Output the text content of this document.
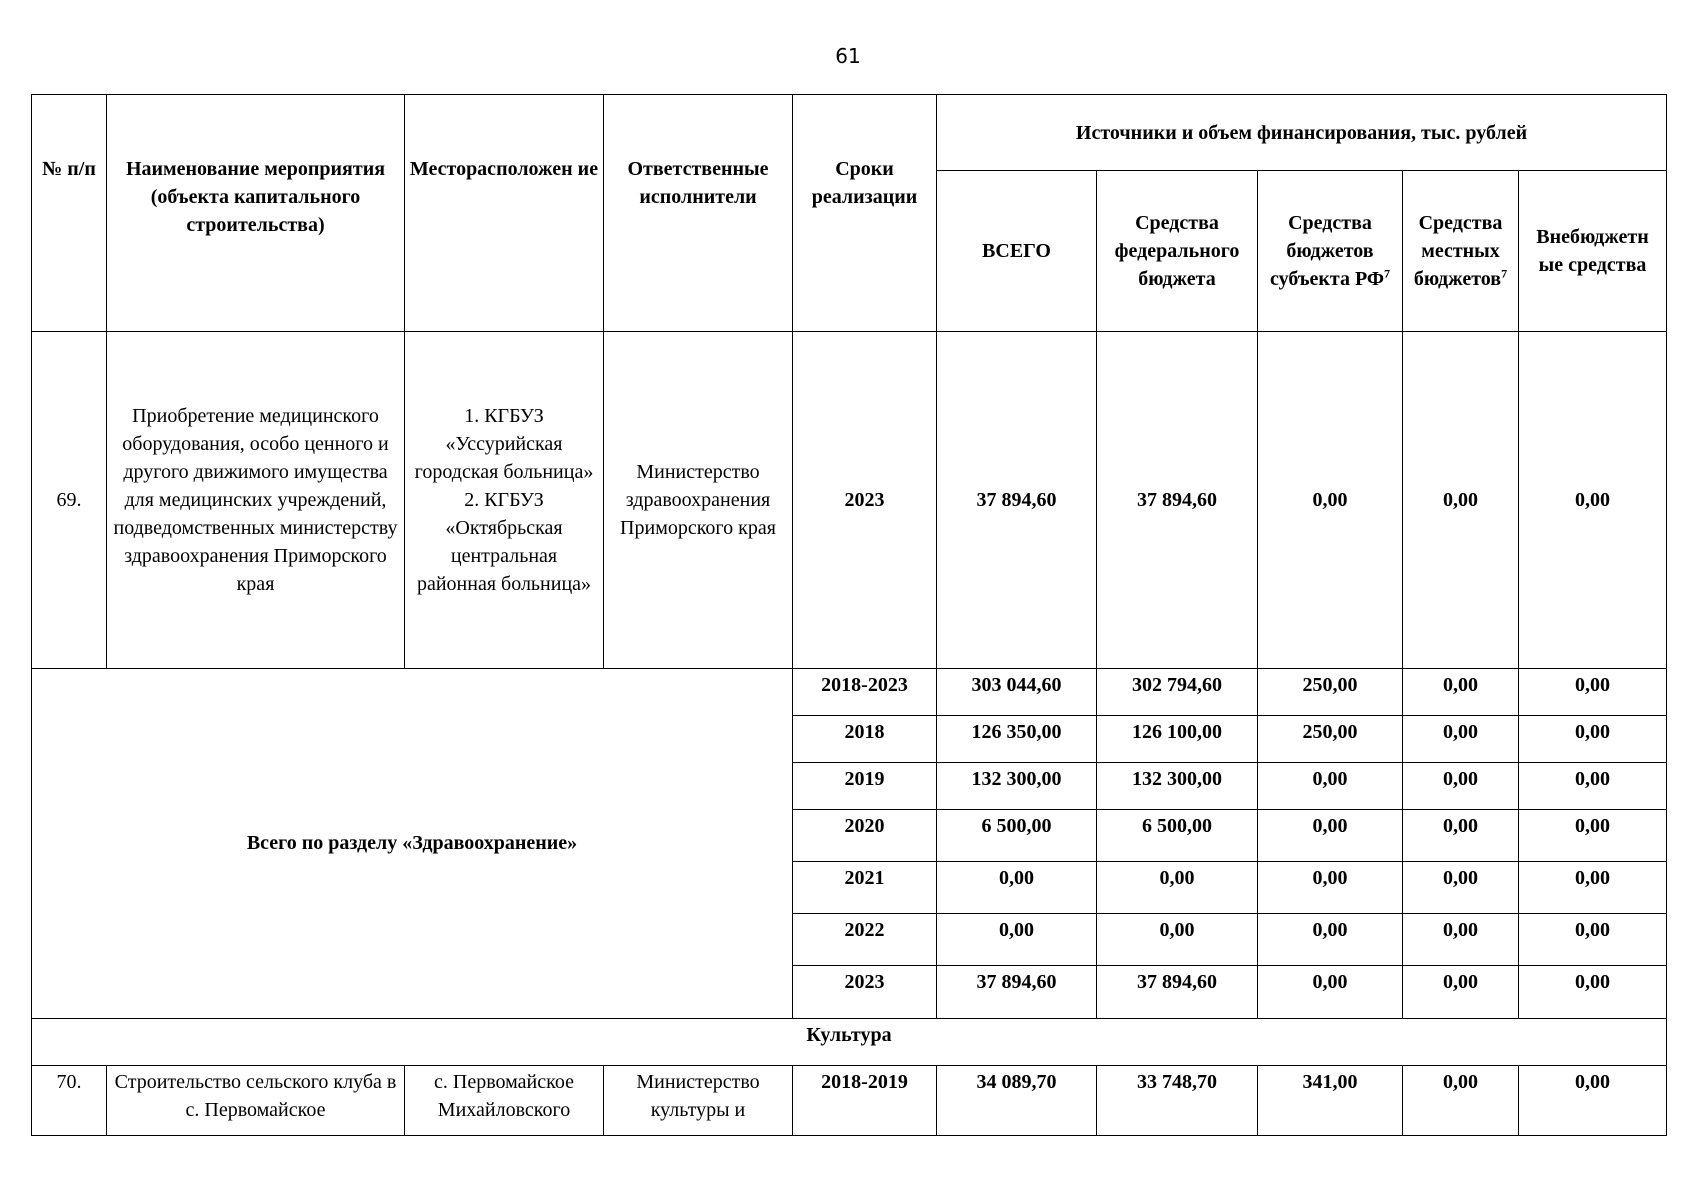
61
№ п/п	Наименование мероприятия (объекта капитального строительства)	Месторасположен ие	Ответственные исполнители	Сроки реализации	Источники и объем финансирования, тыс. рублей				
					ВСЕГО	Средства федерального бюджета	Средства бюджетов субъекта $РФ^7$	Средства местных бюджетов$^7$	Внебюджетн ые средства
69.	Приобретение медицинского оборудования, особо ценного и другого движимого имущества для медицинских учреждений, подведомственных министерству здравоохранения Приморского края	1. КГБУЗ «Уссурийская городская больница» 2. КГБУЗ «Октябрьская центральная районная больница»	Министерство здравоохранения Приморского края	2023	37 894,60	37 894,60	0,00	0,00	0,00
Всего по разделу «Здравоохранение»				2018-2023	303 044,60	302 794,60	250,00	0,00	0,00
				2018	126 350,00	126 100,00	250,00	0,00	0,00
				2019	132 300,00	132 300,00	0,00	0,00	0,00
				2020	6 500,00	6 500,00	0,00	0,00	0,00
				2021	0,00	0,00	0,00	0,00	0,00
				2022	0,00	0,00	0,00	0,00	0,00
				2023	37 894,60	37 894,60	0,00	0,00	0,00
Культура									
70.	Строительство сельского клуба в с. Первомайское	с. Первомайское Михайловского	Министерство культуры и	2018-2019	34 089,70	33 748,70	341,00	0,00	0,00
